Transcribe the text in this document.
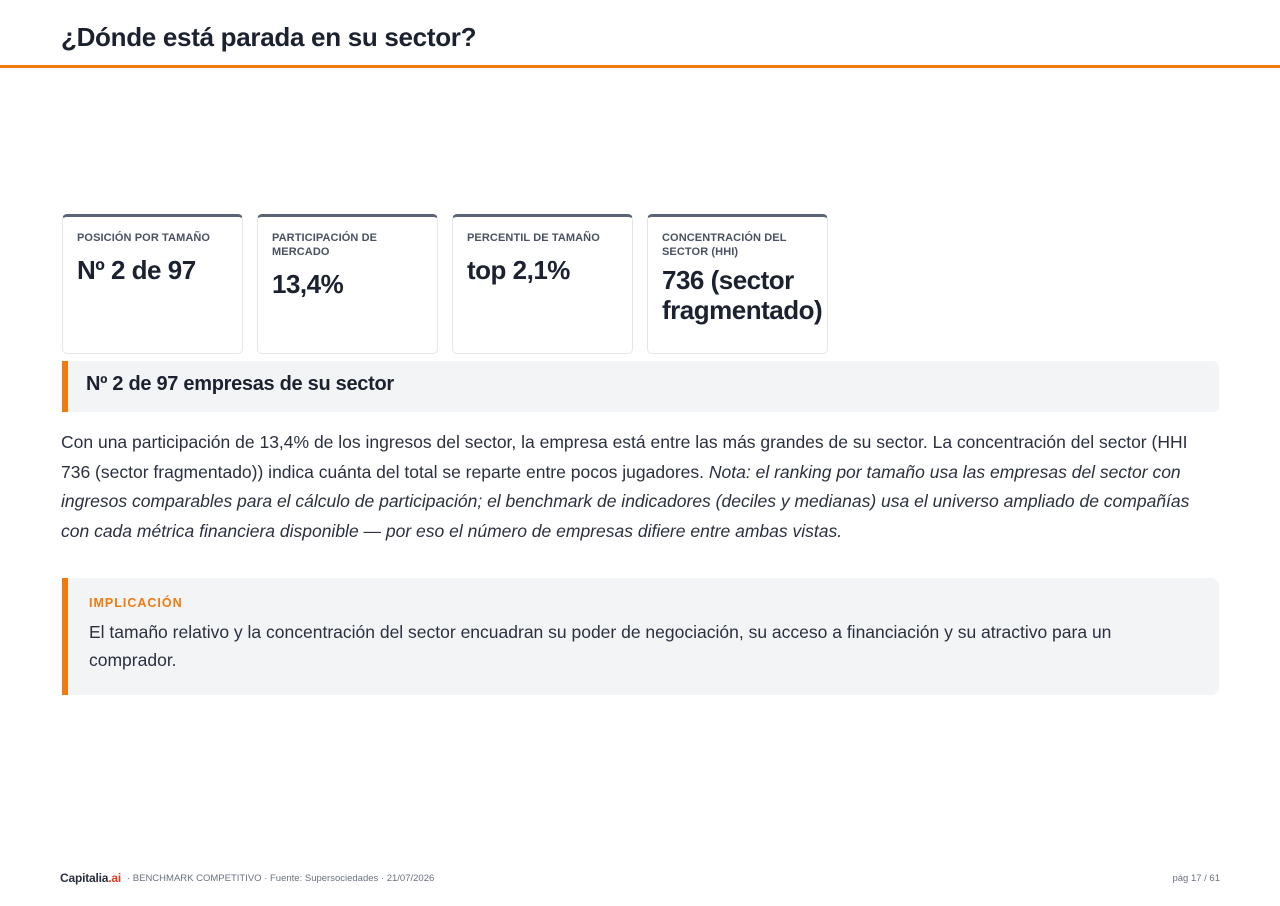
¿Dónde está parada en su sector?
POSICIÓN POR TAMAÑO
Nº 2 de 97
PARTICIPACIÓN DE MERCADO
13,4%
PERCENTIL DE TAMAÑO
top 2,1%
CONCENTRACIÓN DEL SECTOR (HHI)
736 (sector fragmentado)
Nº 2 de 97 empresas de su sector

Con una participación de 13,4% de los ingresos del sector, la empresa está entre las más grandes de su sector. La concentración del sector (HHI 736 (sector fragmentado)) indica cuánta del total se reparte entre pocos jugadores. Nota: el ranking por tamaño usa las empresas del sector con ingresos comparables para el cálculo de participación; el benchmark de indicadores (deciles y medianas) usa el universo ampliado de compañías con cada métrica financiera disponible — por eso el número de empresas difiere entre ambas vistas.

IMPLICACIÓN
El tamaño relativo y la concentración del sector encuadran su poder de negociación, su acceso a financiación y su atractivo para un comprador.
Capitalia.ai · BENCHMARK COMPETITIVO · Fuente: Supersociedades · 21/07/2026	pág 17 / 61
